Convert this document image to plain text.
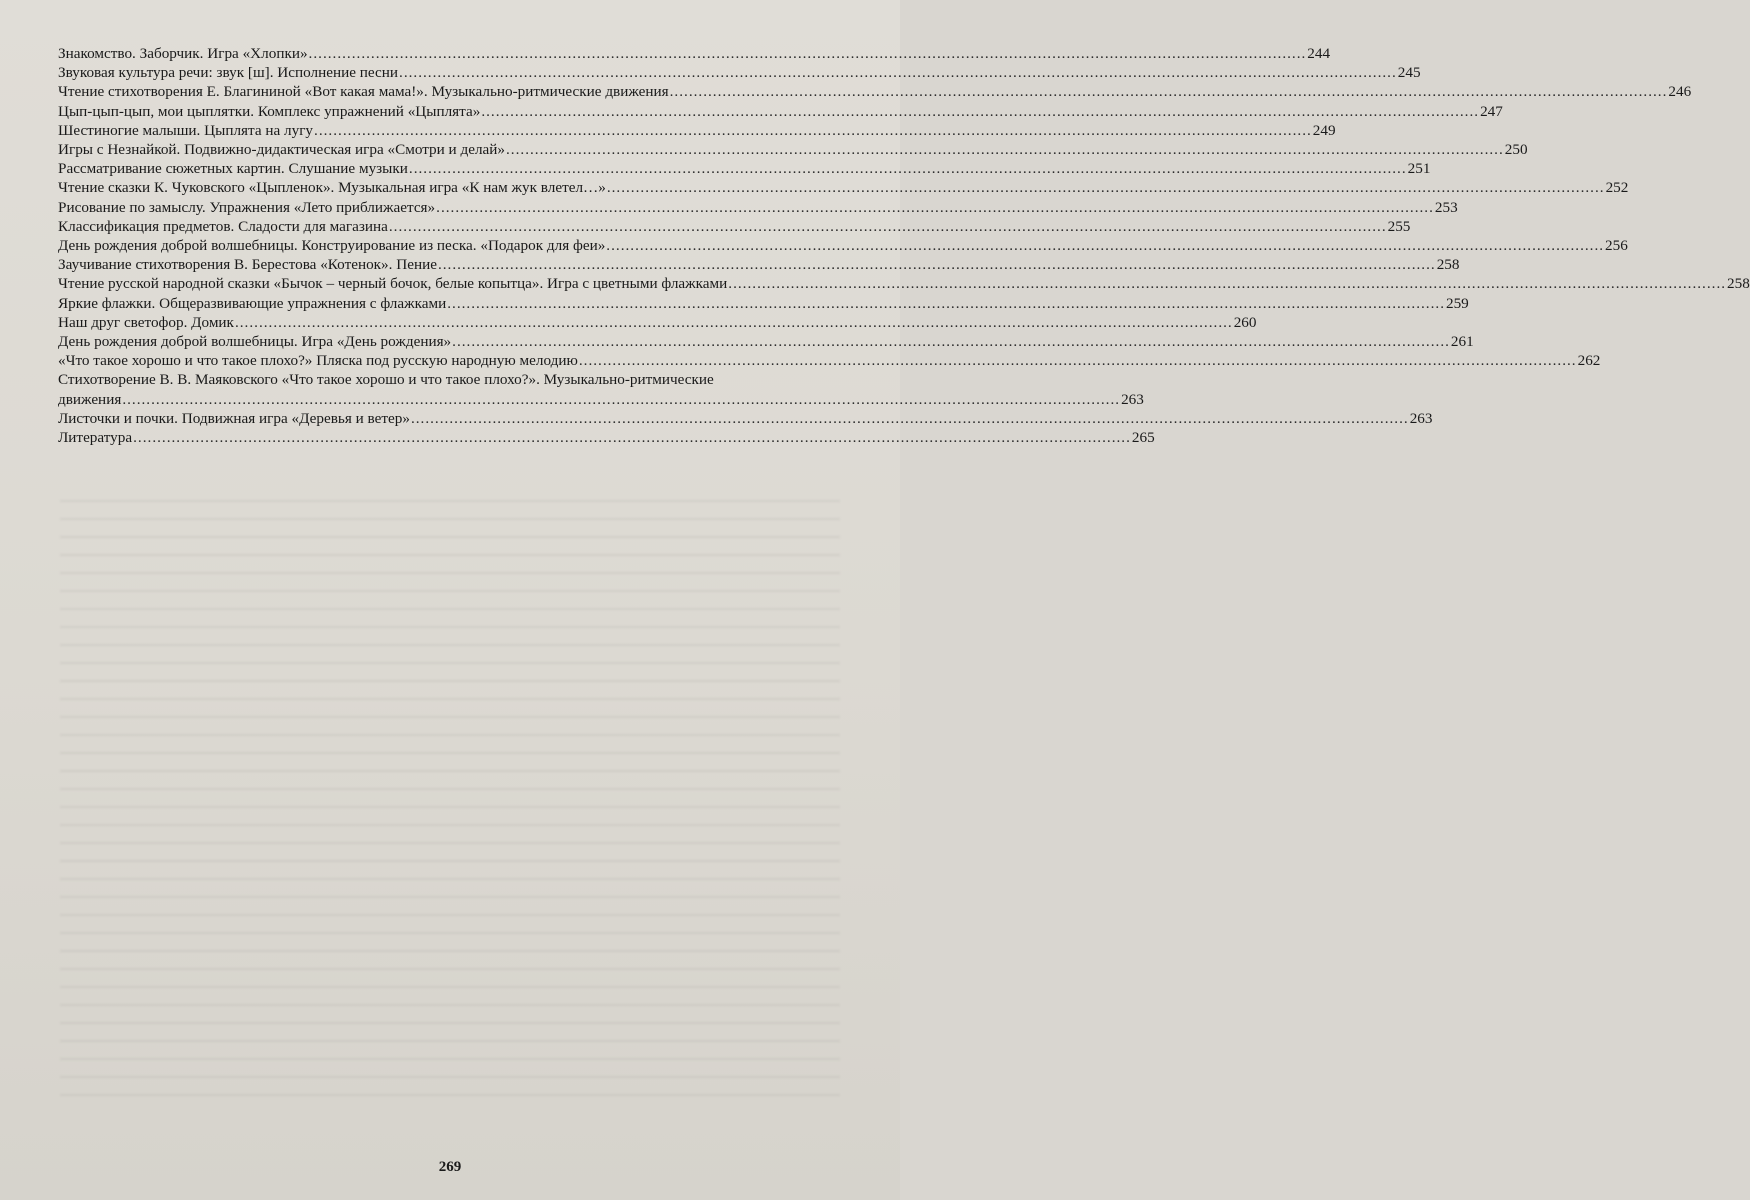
Знакомство. Заборчик. Игра «Хлопки» .....	244
Звуковая культура речи: звук [ш]. Исполнение песни .....	245
Чтение стихотворения Е. Благининой «Вот какая мама!». Музыкально-ритмические движения .....	246
Цып-цып-цып, мои цыплятки. Комплекс упражнений «Цыплята» .....	247
Шестиногие малыши. Цыплята на лугу .....	249
Игры с Незнайкой. Подвижно-дидактическая игра «Смотри и делай» .....	250
Рассматривание сюжетных картин. Слушание музыки .....	251
Чтение сказки К. Чуковского «Цыпленок». Музыкальная игра «К нам жук влетел…» .....	252
Рисование по замыслу. Упражнения «Лето приближается» .....	253
Классификация предметов. Сладости для магазина .....	255
День рождения доброй волшебницы. Конструирование из песка. «Подарок для феи» .....	256
Заучивание стихотворения В. Берестова «Котенок». Пение .....	258
Чтение русской народной сказки «Бычок – черный бочок, белые копытца». Игра с цветными флажками .....	258
Яркие флажки. Общеразвивающие упражнения с флажками .....	259
Наш друг светофор. Домик .....	260
День рождения доброй волшебницы. Игра «День рождения» .....	261
«Что такое хорошо и что такое плохо?» Пляска под русскую народную мелодию .....	262
Стихотворение В. В. Маяковского «Что такое хорошо и что такое плохо?». Музыкально-ритмические
движения .....	263
Листочки и почки. Подвижная игра «Деревья и ветер» .....	263
Литература .....	265
269
